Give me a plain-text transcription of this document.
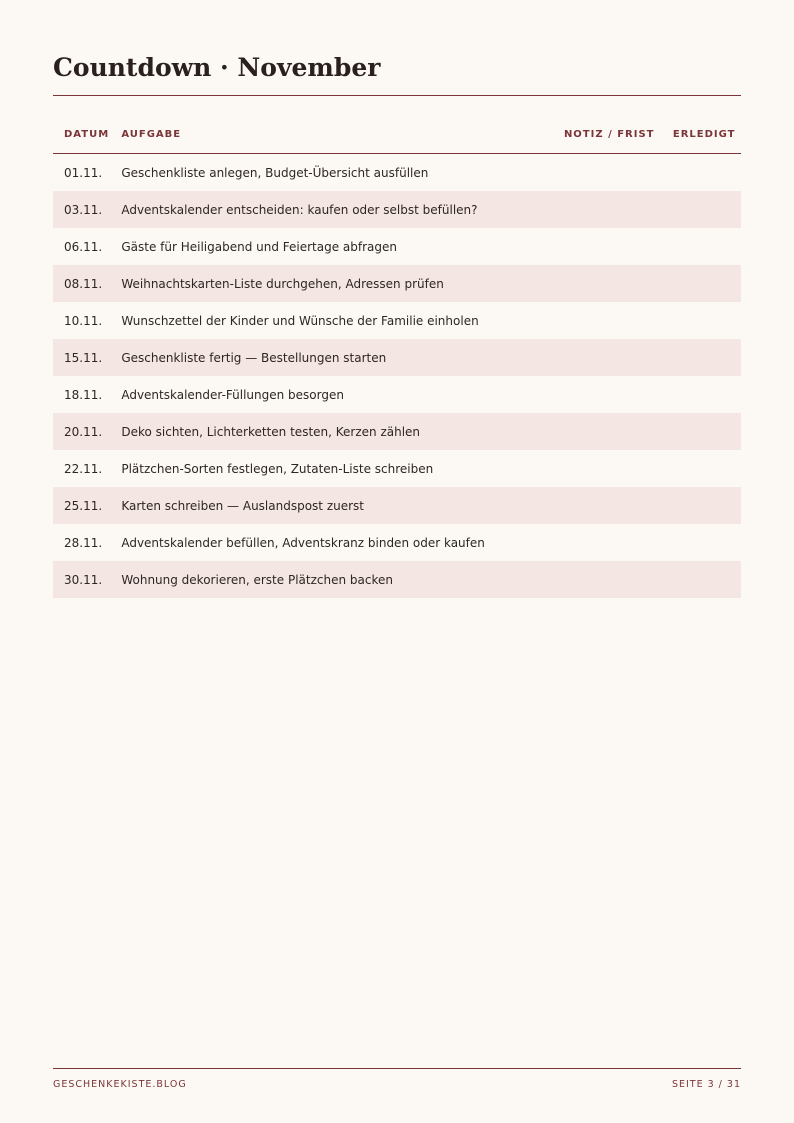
Countdown · November
DATUM	AUFGABE	NOTIZ / FRIST	ERLEDIGT
01.11.	Geschenkliste anlegen, Budget-Übersicht ausfüllen		
03.11.	Adventskalender entscheiden: kaufen oder selbst befüllen?		
06.11.	Gäste für Heiligabend und Feiertage abfragen		
08.11.	Weihnachtskarten-Liste durchgehen, Adressen prüfen		
10.11.	Wunschzettel der Kinder und Wünsche der Familie einholen		
15.11.	Geschenkliste fertig — Bestellungen starten		
18.11.	Adventskalender-Füllungen besorgen		
20.11.	Deko sichten, Lichterketten testen, Kerzen zählen		
22.11.	Plätzchen-Sorten festlegen, Zutaten-Liste schreiben		
25.11.	Karten schreiben — Auslandspost zuerst		
28.11.	Adventskalender befüllen, Adventskranz binden oder kaufen		
30.11.	Wohnung dekorieren, erste Plätzchen backen		
GESCHENKEKISTE.BLOG	SEITE 3 / 31
